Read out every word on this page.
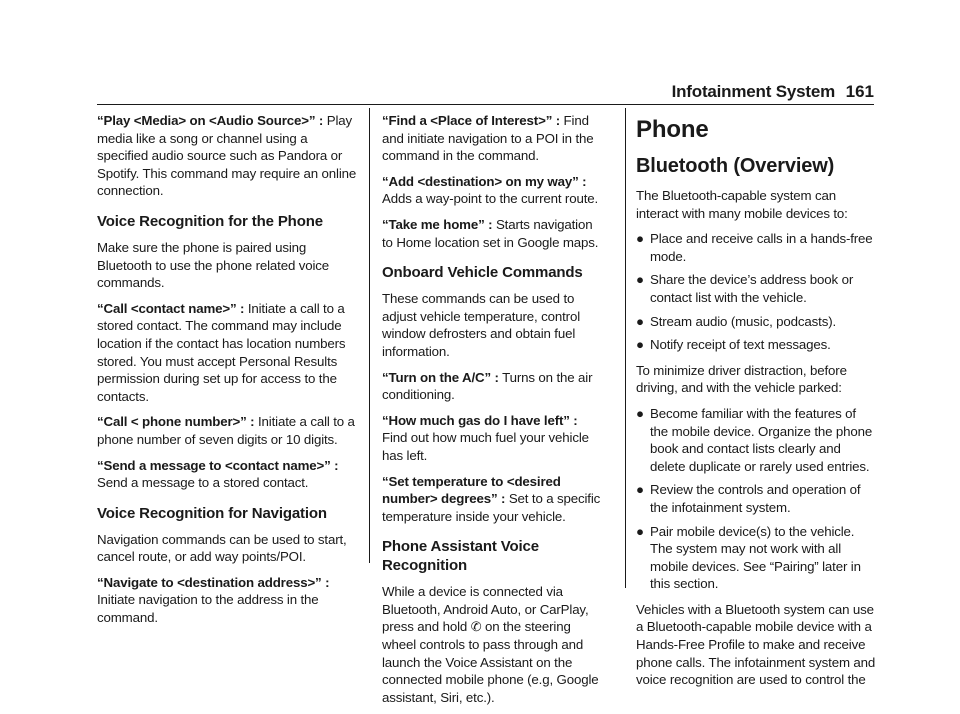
Infotainment System 161

“Play <Media> on <Audio Source>” : Play media like a song or channel using a specified audio source such as Pandora or Spotify. This command may require an online connection.

Voice Recognition for the Phone

Make sure the phone is paired using Bluetooth to use the phone related voice commands.

“Call <contact name>” : Initiate a call to a stored contact. The command may include location if the contact has location numbers stored. You must accept Personal Results permission during set up for access to the contacts.

“Call < phone number>” : Initiate a call to a phone number of seven digits or 10 digits.

“Send a message to <contact name>” : Send a message to a stored contact.

Voice Recognition for Navigation

Navigation commands can be used to start, cancel route, or add way points/POI.

“Navigate to <destination address>” : Initiate navigation to the address in the command.

“Find a <Place of Interest>” : Find and initiate navigation to a POI in the command in the command.

“Add <destination> on my way” : Adds a way-point to the current route.

“Take me home” : Starts navigation to Home location set in Google maps.

Onboard Vehicle Commands

These commands can be used to adjust vehicle temperature, control window defrosters and obtain fuel information.

“Turn on the A/C” : Turns on the air conditioning.

“How much gas do I have left” : Find out how much fuel your vehicle has left.

“Set temperature to <desired number> degrees” : Set to a specific temperature inside your vehicle.

Phone Assistant Voice Recognition

While a device is connected via Bluetooth, Android Auto, or CarPlay, press and hold ✆ on the steering wheel controls to pass through and launch the Voice Assistant on the connected mobile phone (e.g, Google assistant, Siri, etc.).

Phone
Bluetooth (Overview)

The Bluetooth-capable system can interact with many mobile devices to:

● Place and receive calls in a hands-free mode.
● Share the device’s address book or contact list with the vehicle.
● Stream audio (music, podcasts).
● Notify receipt of text messages.

To minimize driver distraction, before driving, and with the vehicle parked:

● Become familiar with the features of the mobile device. Organize the phone book and contact lists clearly and delete duplicate or rarely used entries.
● Review the controls and operation of the infotainment system.
● Pair mobile device(s) to the vehicle. The system may not work with all mobile devices. See “Pairing” later in this section.

Vehicles with a Bluetooth system can use a Bluetooth-capable mobile device with a Hands-Free Profile to make and receive phone calls. The infotainment system and voice recognition are used to control the
